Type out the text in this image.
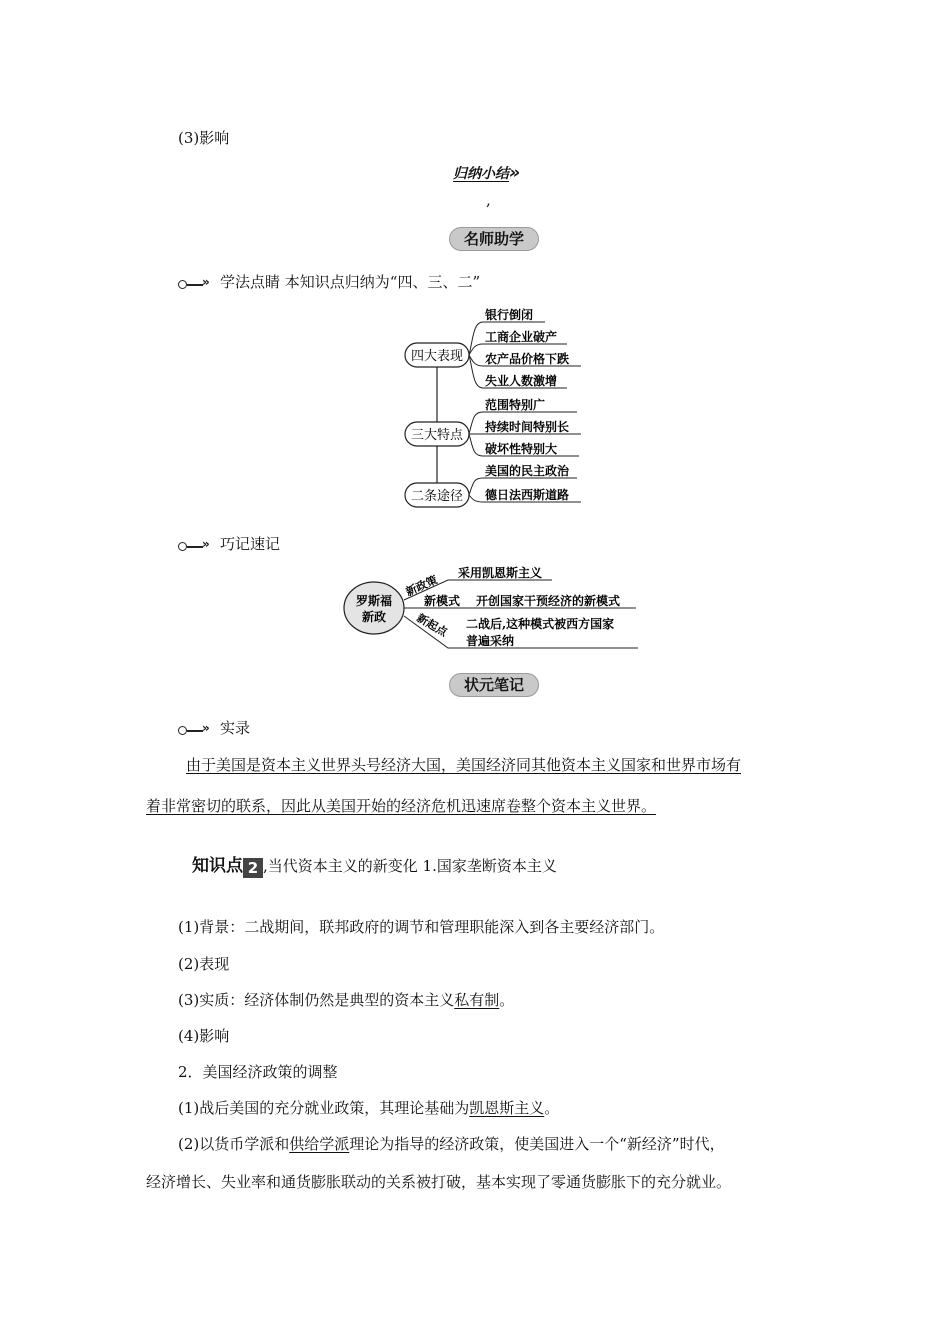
(3)影响
归纳小结»
,
名师助学
» 学法点睛 本知识点归纳为“四、三、二”
四大表现
三大特点
二条途径
银行倒闭
工商企业破产
农产品价格下跌
失业人数激增
范围特别广
持续时间特别长
破坏性特别大
美国的民主政治
德日法西斯道路
» 巧记速记
罗斯福
新政
新政策
采用凯恩斯主义
新模式 开创国家干预经济的新模式
新起点 二战后,这种模式被西方国家
普遍采纳
状元笔记
» 实录
由于美国是资本主义世界头号经济大国，美国经济同其他资本主义国家和世界市场有
着非常密切的联系，因此从美国开始的经济危机迅速席卷整个资本主义世界。
知识点 2 ,当代资本主义的新变化 1.国家垄断资本主义
(1)背景：二战期间，联邦政府的调节和管理职能深入到各主要经济部门。
(2)表现
(3)实质：经济体制仍然是典型的资本主义私有制。
(4)影响
2．美国经济政策的调整
(1)战后美国的充分就业政策，其理论基础为凯恩斯主义。
(2)以货币学派和供给学派理论为指导的经济政策，使美国进入一个“新经济”时代，
经济增长、失业率和通货膨胀联动的关系被打破，基本实现了零通货膨胀下的充分就业。
